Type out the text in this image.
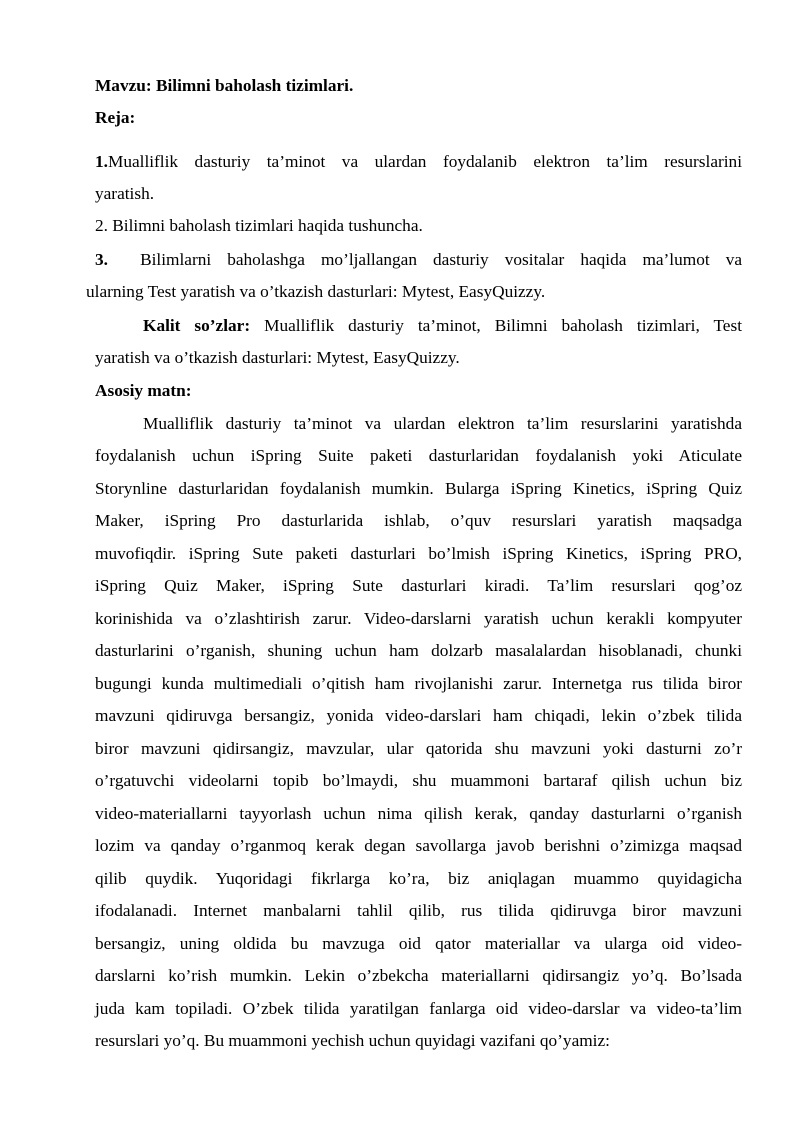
Mavzu: Bilimni baholash tizimlari.
Reja:
1.Mualliflik dasturiy ta’minot va ulardan foydalanib elektron ta’lim resurslarini
yaratish.
2. Bilimni baholash tizimlari haqida tushuncha.
3. Bilimlarni baholashga mo’ljallangan dasturiy vositalar haqida ma’lumot va
ularning Test yaratish va o’tkazish dasturlari: Mytest, EasyQuizzy.
Kalit so’zlar: Mualliflik dasturiy ta’minot, Bilimni baholash tizimlari, Test
yaratish va o’tkazish dasturlari: Mytest, EasyQuizzy.
Asosiy matn:
Mualliflik dasturiy ta’minot va ulardan elektron ta’lim resurslarini yaratishda
foydalanish uchun iSpring Suite paketi dasturlaridan foydalanish yoki Aticulate
Storynline dasturlaridan foydalanish mumkin. Bularga iSpring Kinetics, iSpring Quiz
Maker, iSpring Pro dasturlarida ishlab, o’quv resurslari yaratish maqsadga
muvofiqdir. iSpring Sute paketi dasturlari bo’lmish iSpring Kinetics, iSpring PRO,
iSpring Quiz Maker, iSpring Sute dasturlari kiradi. Ta’lim resurslari qog’oz
korinishida va o’zlashtirish zarur. Video-darslarni yaratish uchun kerakli kompyuter
dasturlarini o’rganish, shuning uchun ham dolzarb masalalardan hisoblanadi, chunki
bugungi kunda multimediali o’qitish ham rivojlanishi zarur. Internetga rus tilida biror
mavzuni qidiruvga bersangiz, yonida video-darslari ham chiqadi, lekin o’zbek tilida
biror mavzuni qidirsangiz, mavzular, ular qatorida shu mavzuni yoki dasturni zo’r
o’rgatuvchi videolarni topib bo’lmaydi, shu muammoni bartaraf qilish uchun biz
video-materiallarni tayyorlash uchun nima qilish kerak, qanday dasturlarni o’rganish
lozim va qanday o’rganmoq kerak degan savollarga javob berishni o’zimizga maqsad
qilib quydik. Yuqoridagi fikrlarga ko’ra, biz aniqlagan muammo quyidagicha
ifodalanadi. Internet manbalarni tahlil qilib, rus tilida qidiruvga biror mavzuni
bersangiz, uning oldida bu mavzuga oid qator materiallar va ularga oid video-
darslarni ko’rish mumkin. Lekin o’zbekcha materiallarni qidirsangiz yo’q. Bo’lsada
juda kam topiladi. O’zbek tilida yaratilgan fanlarga oid video-darslar va video-ta’lim
resurslari yo’q. Bu muammoni yechish uchun quyidagi vazifani qo’yamiz:
